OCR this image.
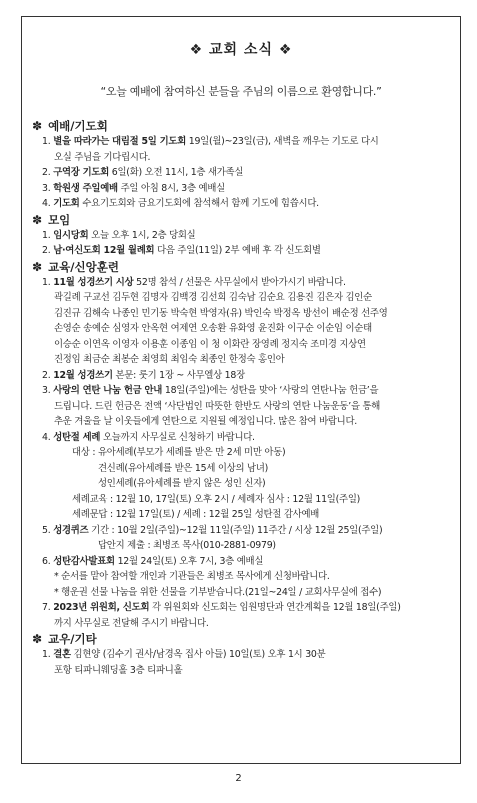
❖ 교회 소식 ❖
“오늘 예배에 참여하신 분들을 주님의 이름으로 환영합니다.”
✽ 예배/기도회
1. 별을 따라가는 대림절 5일 기도회 19일(월)~23일(금), 새벽을 깨우는 기도로 다시
오실 주님을 기다립시다.
2. 구역장 기도회 6일(화) 오전 11시, 1층 새가족실
3. 학원생 주일예배 주일 아침 8시, 3층 예배실
4. 기도회 수요기도회와 금요기도회에 참석해서 함께 기도에 힘씁시다.
✽ 모임
1. 임시당회 오늘 오후 1시, 2층 당회실
2. 남·여신도회 12월 월례회 다음 주일(11일) 2부 예배 후 각 신도회별
✽ 교육/신앙훈련
1. 11월 성경쓰기 시상 52명 참석 / 선물은 사무실에서 받아가시기 바랍니다.
곽길례 구교선 김두현 김명자 김백경 김선희 김숙남 김순요 김용진 김은자 김인순
김진규 김해숙 나종인 민기동 박숙현 박영자(유) 박인숙 박정옥 방선이 배순정 선주영
손영순 송예순 심영자 안옥현 여제연 오송환 유화영 윤진화 이구순 이순임 이순태
이승순 이연옥 이영자 이용훈 이종임 이 청 이화란 장영례 정지숙 조미경 지상연
진정임 최금순 최봉순 최영희 최임숙 최종인 한정숙 홍인아
2. 12월 성경쓰기 본문: 룻기 1장 ~ 사무엘상 18장
3. 사랑의 연탄 나눔 헌금 안내 18일(주일)에는 성탄을 맞아 ‘사랑의 연탄나눔 헌금’을
드립니다. 드린 헌금은 전액 ‘사단법인 따뜻한 한반도 사랑의 연탄 나눔운동’을 통해
추운 겨울을 날 이웃들에게 연탄으로 지원될 예정입니다. 많은 참여 바랍니다.
4. 성탄절 세례 오늘까지 사무실로 신청하기 바랍니다.
대상 : 유아세례(부모가 세례를 받은 만 2세 미만 아동)
견신례(유아세례를 받은 15세 이상의 남녀)
성인세례(유아세례를 받지 않은 성인 신자)
세례교육 : 12월 10, 17일(토) 오후 2시 / 세례자 심사 : 12월 11일(주일)
세례문답 : 12월 17일(토) / 세례 : 12월 25일 성탄절 감사예배
5. 성경퀴즈 기간 : 10월 2일(주일)~12월 11일(주일) 11주간 / 시상 12월 25일(주일)
답안지 제출 : 최병조 목사(010-2881-0979)
6. 성탄감사발표회 12월 24일(토) 오후 7시, 3층 예배실
* 순서를 맡아 참여할 개인과 기관들은 최병조 목사에게 신청바랍니다.
* 행운권 선물 나눔을 위한 선물을 기부받습니다.(21일~24일 / 교회사무실에 접수)
7. 2023년 위원회, 신도회 각 위원회와 신도회는 임원명단과 연간계획을 12월 18일(주일)
까지 사무실로 전달해 주시기 바랍니다.
✽ 교우/기타
1. 결혼 김현양 (김수기 권사/남경옥 집사 아들) 10일(토) 오후 1시 30분
포항 티파니웨딩홀 3층 티파니홀
2
